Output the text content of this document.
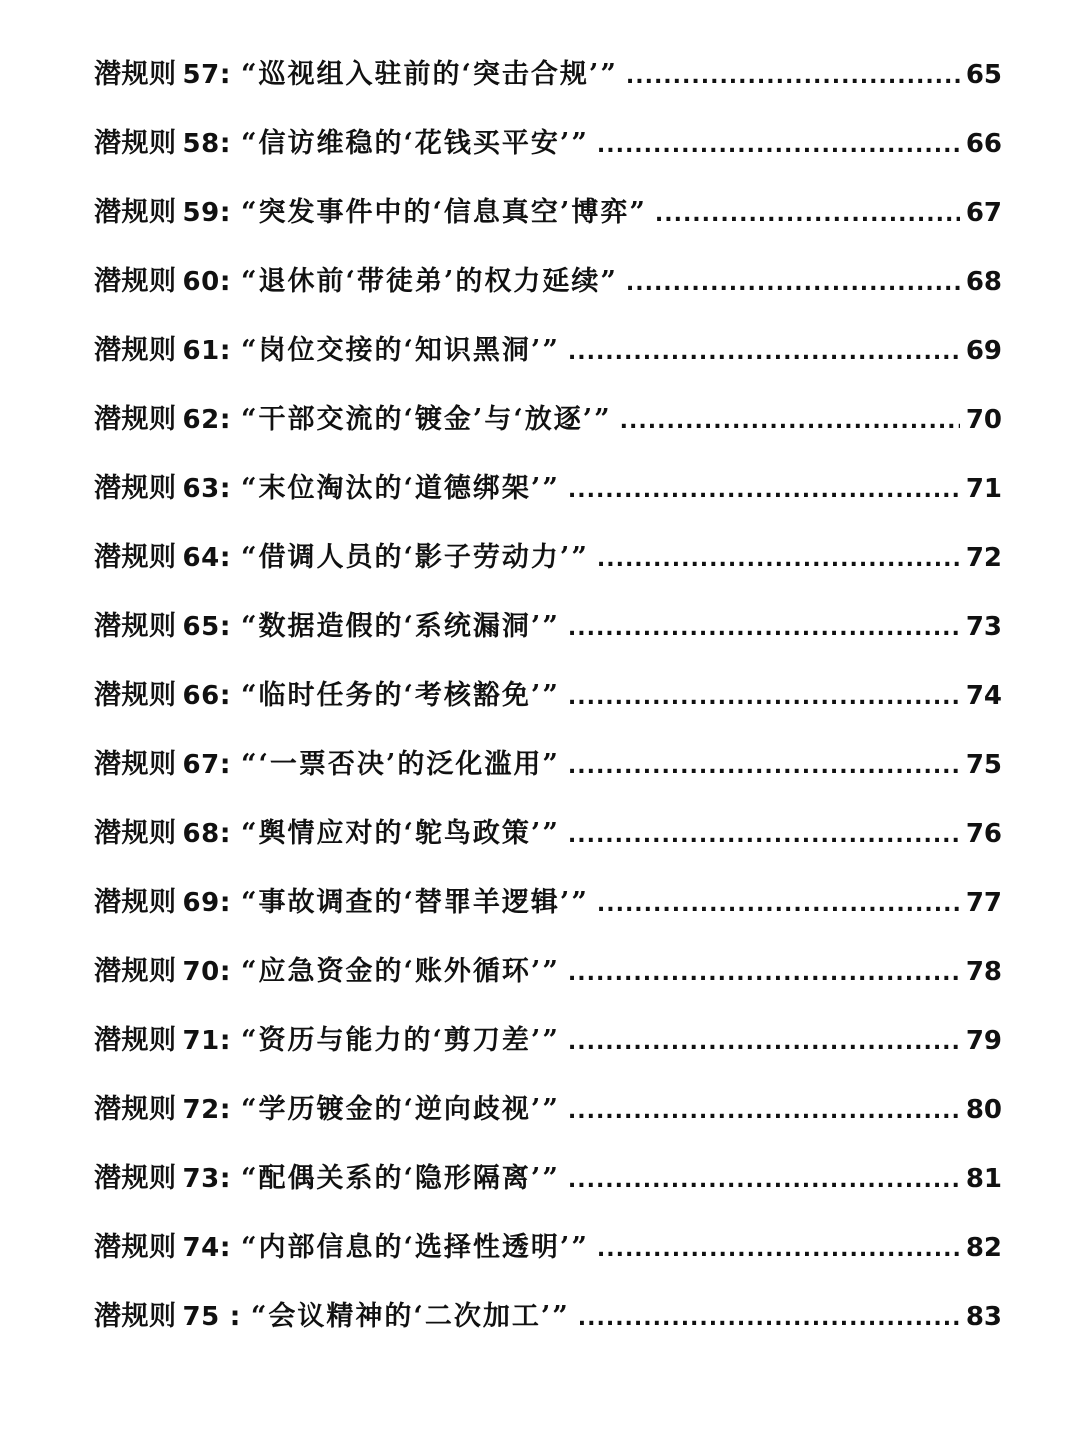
潜规则 57: “巡视组入驻前的‘突击合规’” .....	65
潜规则 58: “信访维稳的‘花钱买平安’” .....	66
潜规则 59: “突发事件中的‘信息真空’博弈” .....	67
潜规则 60: “退休前‘带徒弟’的权力延续” .....	68
潜规则 61: “岗位交接的‘知识黑洞’” .....	69
潜规则 62: “干部交流的‘镀金’与‘放逐’” .....	70
潜规则 63: “末位淘汰的‘道德绑架’” .....	71
潜规则 64: “借调人员的‘影子劳动力’” .....	72
潜规则 65: “数据造假的‘系统漏洞’” .....	73
潜规则 66: “临时任务的‘考核豁免’” .....	74
潜规则 67: “‘一票否决’的泛化滥用” .....	75
潜规则 68: “舆情应对的‘鸵鸟政策’” .....	76
潜规则 69: “事故调查的‘替罪羊逻辑’” .....	77
潜规则 70: “应急资金的‘账外循环’” .....	78
潜规则 71: “资历与能力的‘剪刀差’” .....	79
潜规则 72: “学历镀金的‘逆向歧视’” .....	80
潜规则 73: “配偶关系的‘隐形隔离’” .....	81
潜规则 74: “内部信息的‘选择性透明’” .....	82
潜规则 75 : “会议精神的‘二次加工’” .....	83
